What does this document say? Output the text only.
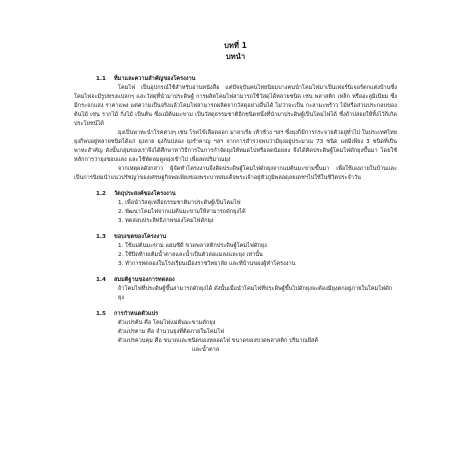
บทที่ 1
บทนำ
1.1 ที่มาและความสำคัญของโครงงาน

โคมไฟ เป็นอุปกรณ์ใช้สำหรับอ่านหนังสือ แต่ปัจจุบันคนไทยนิยมบางคนนำโคมไฟมาเป็นเฟอร์นิเจอร์ตกแต่งบ้านซึ่งโคมไฟจะมีรูปทรงแปลกๆ และวัสดุที่นำมาประดิษฐ์ การผลิตโคมไฟสามารถใช้วัสดุได้หลายชนิด เช่น พลาสติก เหล็ก หรืออะลูมิเนียม ซึ่งมีกระจกแสง ราคาแพง แต่ความเป็นจริงแล้วโคมไฟสามารถผลิตจากวัสดุอย่างอื่นได้ ไม่ว่าจะเป็น กะลามะพร้าว ไม้หรือส่วนประกอบของต้นไม้ เช่น รากไม้ กิ่งไม้ เป็นต้น ซึ่งแม้ต้นมะขาม เป็นวัสดุธรรมชาติอีกชนิดหนึ่งที่นำมาประดิษฐ์เป็นโคมไฟได้ ซึ่งถ้าปล่อยให้ทิ้งไว้ก็เกิดประโยชน์ได้

ยุงเป็นพาหะนำโรคต่างๆ เช่น โรคไข้เลือดออก มาลาเรีย เท้าช้าง ฯลฯ ซึ่งยุงก็มีการกระจายตัวอยู่ทั่วไป ในประเทศไทยยุงก็พบอยู่หลายชนิดได้แก่ ยุงลาย ยุงก้นปล่อง ยุงรำคาญ ฯลฯ จากการสำรวจพบว่ามียุงอยู่ประมาณ 73 ชนิด แต่มีเพียง 3 ชนิดที่เป็นพาหะสำคัญ ดังนั้นกลุ่มของเราจึงได้ศึกษาหาวิธีการในการกำจัดยุงให้หมดไปหรือลดน้อยลง จึงได้คิดประดิษฐ์โคมไฟดักยุงขึ้นมา โดยใช้หลักการว่ายุงชอบแสง และใช้พัดลมดูดยุงเข้าไป เพื่อลดปริมาณยุง

จากเหตุผลดังกล่าว ผู้จัดทำโครงงานจึงคิดประดิษฐ์โคมไฟดักยุงจากแม่ต้นมะขามขึ้นมา เพื่อใช้เองภายในบ้านและเป็นการนิยมนำแนวปรัชญาของเศรษฐกิจพอเพียงของพระบาทสมเด็จพระเจ้าอยู่หัวภูมิพลอดุลยเดชฯไปใช้ในชีวิตประจำวัน

1.2 วัตถุประสงค์ของโครงงาน
1. เพื่อนำวัสดุเหลือธรรมชาติมาประดิษฐ์เป็นโคมไฟ
2. พัฒนาโคมไฟจากแม่ต้นมะขามให้สามารถดักยุงได้
3. ทดสอบประสิทธิภาพของโคมไฟดักยุง
1.3 ขอบเขตของโครงงาน
1. ใช้แม่ต้นมะขาม แผ่นซีดี ขวดพลาสติกประดิษฐ์โคมไฟดักยุง
2. ใช้ปิดท้ายเติมน้ำตาลและน้ำเป็นตัวล่อแมลงและยุง เท่านั้น
3. ทำการทดลองในโรงเรียนเมืองราชวิทยาลัย และที่บ้านของผู้ทำโครงงาน
1.4 สมมติฐานของการทดลอง
ถ้าโคมไฟที่ประดิษฐ์ขึ้นสามารถดักยุงได้ ดังนั้นเมื่อนำโคมไฟที่ประดิษฐ์ขึ้นไปดักยุงจะต้องมียุงตกอยู่ภายในโคมไฟดักยุง
1.5 การกำหนดตัวแปร
ตัวแปรต้น คือ โคมไฟแม่ต้นมะขามดักยุง
ตัวแปรตาม คือ จำนวนยุงที่ติดภายในโคมไฟ
ตัวแปรควบคุม คือ ขนาดและชนิดของหลอดไฟ ขนาดของขวดพลาสติก ปริมาณยีสต์
และน้ำตาล
